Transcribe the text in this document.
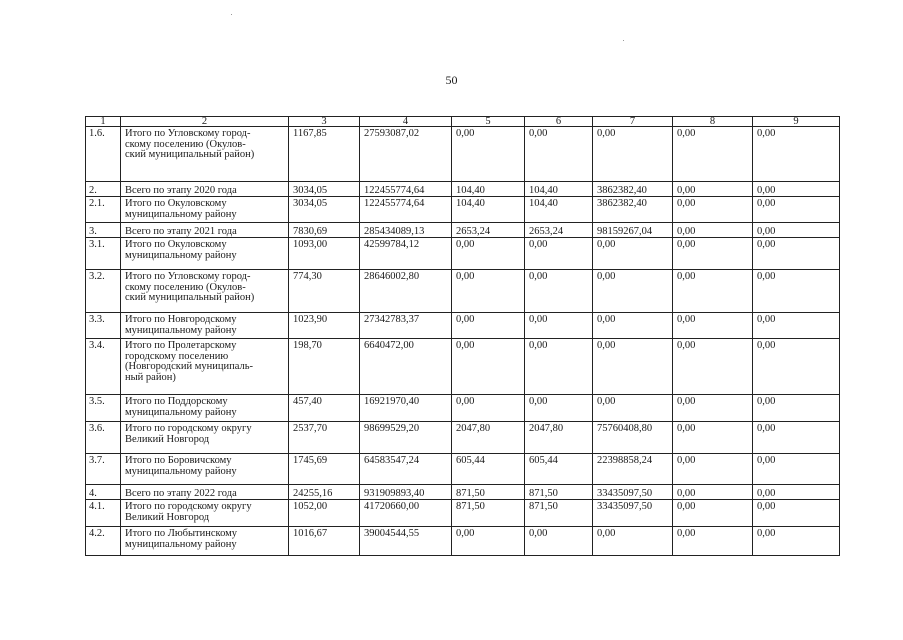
50
1	2	3	4	5	6	7	8	9
1.6.	Итого по Угловскому город-
скому поселению (Окулов-
ский муниципальный район)	1167,85	27593087,02	0,00	0,00	0,00	0,00	0,00
2.	Всего по этапу 2020 года	3034,05	122455774,64	104,40	104,40	3862382,40	0,00	0,00
2.1.	Итого по Окуловскому
муниципальному району	3034,05	122455774,64	104,40	104,40	3862382,40	0,00	0,00
3.	Всего по этапу 2021 года	7830,69	285434089,13	2653,24	2653,24	98159267,04	0,00	0,00
3.1.	Итого по Окуловскому
муниципальному району	1093,00	42599784,12	0,00	0,00	0,00	0,00	0,00
3.2.	Итого по Угловскому город-
скому поселению (Окулов-
ский муниципальный район)	774,30	28646002,80	0,00	0,00	0,00	0,00	0,00
3.3.	Итого по Новгородскому
муниципальному району	1023,90	27342783,37	0,00	0,00	0,00	0,00	0,00
3.4.	Итого по Пролетарскому
городскому поселению
(Новгородский муниципаль-
ный район)	198,70	6640472,00	0,00	0,00	0,00	0,00	0,00
3.5.	Итого по Поддорскому
муниципальному району	457,40	16921970,40	0,00	0,00	0,00	0,00	0,00
3.6.	Итого по городскому округу
Великий Новгород	2537,70	98699529,20	2047,80	2047,80	75760408,80	0,00	0,00
3.7.	Итого по Боровичскому
муниципальному району	1745,69	64583547,24	605,44	605,44	22398858,24	0,00	0,00
4.	Всего по этапу 2022 года	24255,16	931909893,40	871,50	871,50	33435097,50	0,00	0,00
4.1.	Итого по городскому округу
Великий Новгород	1052,00	41720660,00	871,50	871,50	33435097,50	0,00	0,00
4.2.	Итого по Любытинскому
муниципальному району	1016,67	39004544,55	0,00	0,00	0,00	0,00	0,00
